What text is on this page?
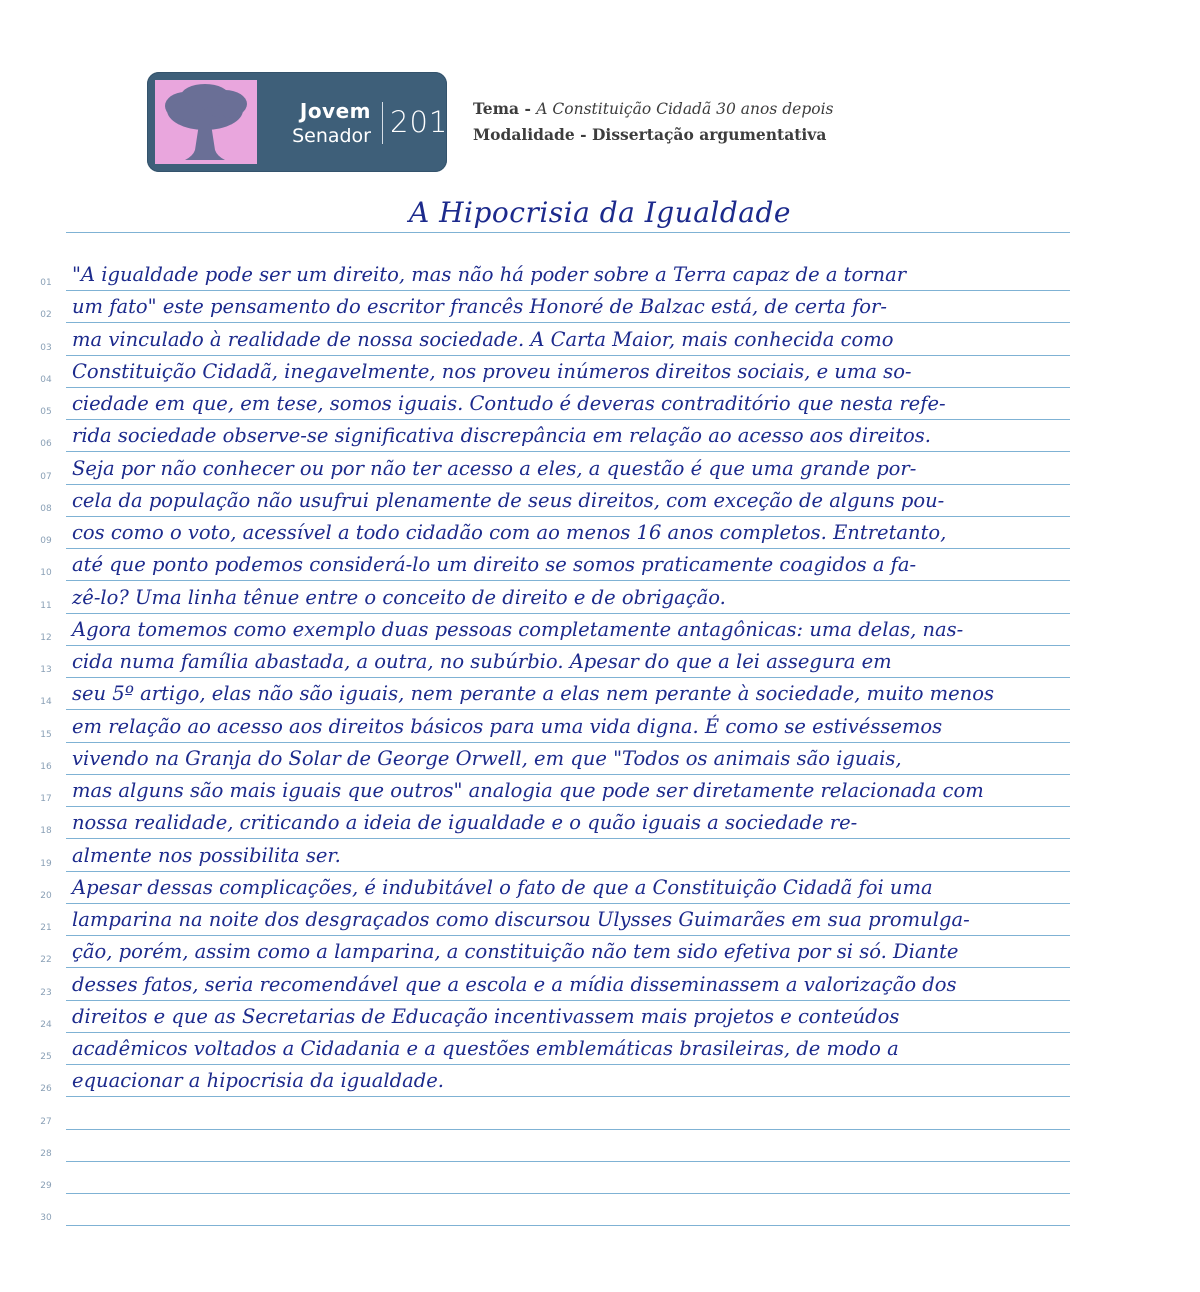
Jovem
Senador 2018 Tema - A Constituição Cidadã 30 anos depois
Modalidade - Dissertação argumentativa
A Hipocrisia da Igualdade
01 "A igualdade pode ser um direito, mas não há poder sobre a Terra capaz de a tornar
02 um fato" este pensamento do escritor francês Honoré de Balzac está, de certa for-
03 ma vinculado à realidade de nossa sociedade. A Carta Maior, mais conhecida como
04 Constituição Cidadã, inegavelmente, nos proveu inúmeros direitos sociais, e uma so-
05 ciedade em que, em tese, somos iguais. Contudo é deveras contraditório que nesta refe-
06 rida sociedade observe-se significativa discrepância em relação ao acesso aos direitos.
07 Seja por não conhecer ou por não ter acesso a eles, a questão é que uma grande por-
08 cela da população não usufrui plenamente de seus direitos, com exceção de alguns pou-
09 cos como o voto, acessível a todo cidadão com ao menos 16 anos completos. Entretanto,
10 até que ponto podemos considerá-lo um direito se somos praticamente coagidos a fa-
11 zê-lo? Uma linha tênue entre o conceito de direito e de obrigação.
12 Agora tomemos como exemplo duas pessoas completamente antagônicas: uma delas, nas-
13 cida numa família abastada, a outra, no subúrbio. Apesar do que a lei assegura em
14 seu 5º artigo, elas não são iguais, nem perante a elas nem perante à sociedade, muito menos
15 em relação ao acesso aos direitos básicos para uma vida digna. É como se estivéssemos
16 vivendo na Granja do Solar de George Orwell, em que "Todos os animais são iguais,
17 mas alguns são mais iguais que outros" analogia que pode ser diretamente relacionada com
18 nossa realidade, criticando a ideia de igualdade e o quão iguais a sociedade re-
19 almente nos possibilita ser.
20 Apesar dessas complicações, é indubitável o fato de que a Constituição Cidadã foi uma
21 lamparina na noite dos desgraçados como discursou Ulysses Guimarães em sua promulga-
22 ção, porém, assim como a lamparina, a constituição não tem sido efetiva por si só. Diante
23 desses fatos, seria recomendável que a escola e a mídia disseminassem a valorização dos
24 direitos e que as Secretarias de Educação incentivassem mais projetos e conteúdos
25 acadêmicos voltados a Cidadania e a questões emblemáticas brasileiras, de modo a
26 equacionar a hipocrisia da igualdade.
27
28
29
30
